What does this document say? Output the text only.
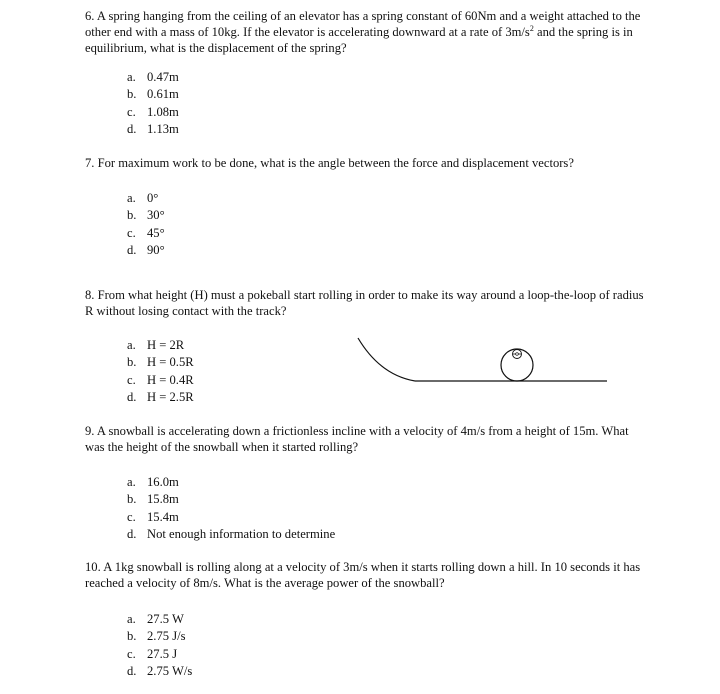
6. A spring hanging from the ceiling of an elevator has a spring constant of 60Nm and a weight attached to the other end with a mass of 10kg. If the elevator is accelerating downward at a rate of $3m/s^2$ and the spring is in equilibrium, what is the displacement of the spring?

a. 0.47m
b. 0.61m
c. 1.08m
d. 1.13m

7. For maximum work to be done, what is the angle between the force and displacement vectors?

a. 0°
b. 30°
c. 45°
d. 90°

8. From what height (H) must a pokeball start rolling in order to make its way around a loop-the-loop of radius R without losing contact with the track?

a. H = 2R
b. H = 0.5R
c. H = 0.4R
d. H = 2.5R

9. A snowball is accelerating down a frictionless incline with a velocity of 4m/s from a height of 15m. What was the height of the snowball when it started rolling?

a. 16.0m
b. 15.8m
c. 15.4m
d. Not enough information to determine

10. A 1kg snowball is rolling along at a velocity of 3m/s when it starts rolling down a hill. In 10 seconds it has reached a velocity of 8m/s. What is the average power of the snowball?

a. 27.5 W
b. 2.75 J/s
c. 27.5 J
d. 2.75 W/s
